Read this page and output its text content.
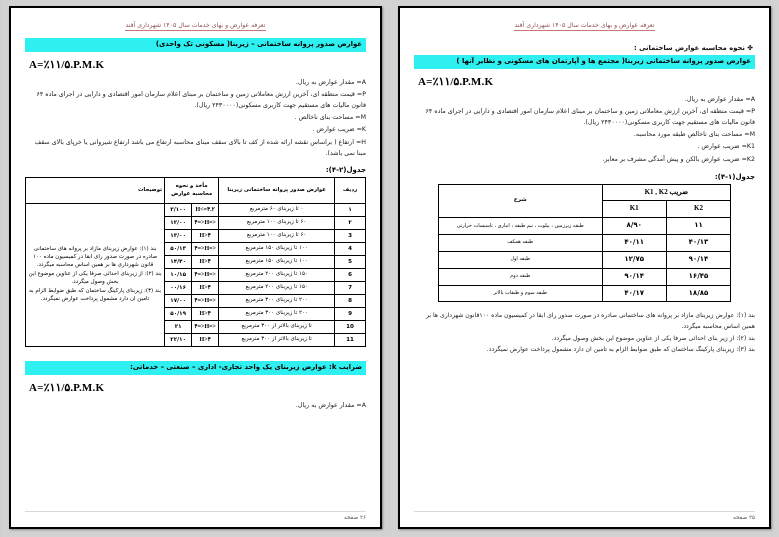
تعرفه عوارض و بهای خدمات سال ۱۴۰۵ شهرداری آقند
✤ نحوه محاسبه عوارض ساختمانی :
عوارض صدور پروانه ساختمانی زیربنا( مجتمع ها و آپارتمان های مسکونی و نظایر آنها )
A=٪١١/۵.P.M.K
A= مقدار عوارض به ریال.
P= قیمت منطقه ای، آخرین ارزش معاملاتی زمین و ساختمان بر مبنای اعلام سازمان امور اقتصادی و دارایی در اجرای ماده ۶۴ قانون مالیات های مستقیم جهت کاربری مسکونی(۲۴۳۰۰۰۰ ریال).
M= مساحت بنای ناخالص طبقه مورد محاسبه.
K1= ضریب عوارض .
K2= ضریب عوارض بالکن و پیش آمدگی مشرف بر معابر.
جدول(۱-۴):
ضریب K1 , K2		شرح
K2	K1	
١١	٨/٩٠	طبقه زیرزمین ، پیلوت ، نیم طبقه ، انباری ، تاسیسات حرارتی
١٣/۴٠	١١/۴٠	طبقه همکف
١۴/٩٠	١٢/٧۵	طبقه اول
١۶/۴۵	١۴/٩٠	طبقه دوم
١٨/٨۵	١٧/۴٠	طبقه سوم و طبقات بالاتر
بند (۱): عوارض زیربنای مازاد بر پروانه های ساختمانی صادره در صورت صدور رای ابقا در کمیسیون ماده ۱۰۰قانون شهرداری ها بر همین اساس محاسبه میگردد.
بند (۲): از زیر بنای احداثی صرفا یکی از عناوین موضوع این بخش وصول میگردد.
بند (۳): زیربنای پارکینگ ساختمان که طبق ضوابط الزام به تامین ان دارد مشمول پرداخت عوارض نمیگردد.
۲۵ صفحه
تعرفه عوارض و بهای خدمات سال ۱۴۰۵ شهرداری آقند
عوارض صدور پروانه ساختمانی – زیربنا( مسکونی تک واحدی)
A=٪١١/۵.P.M.K
A= مقدار عوارض به ریال.
P= قیمت منطقه ای، آخرین ارزش معاملاتی زمین و ساختمان بر مبنای اعلام سازمان امور اقتصادی و دارایی در اجرای ماده ۶۴ قانون مالیات های مستقیم جهت کاربری مسکونی(۲۴۳۰۰۰۰ ریال).
M= مساحت بنای ناخالص .
K= ضریب عوارض .
H= ارتفاع ( براساس نقشه ارائه شده از کف تا بالای سقف مبنای محاسبه ارتفاع می باشد ارتفاع شیروانی یا خرپای بالای سقف مبنا نمی باشد).
جدول(۲-۴):
ردیف	عوارض صدور پروانه ساختمانی زیربنا	مأخذ و نحوه محاسبه عوارض		توضیحات
١	۰ تا زیربنای ۶۰ مترمربع	H<=۴.۲	٣/١٠٠	بند (۱): عوارض زیربنای مازاد بر پروانه های ساختمانی صادره در صورت صدور رای ابقا در کمیسیون ماده ۱۰۰ قانون شهرداری ها بر همین اساس محاسبه میگردد.
بند (۲): از زیربنای احداثی صرفا یکی از عناوین موضوع این بخش وصول میگردد.
بند (۳): زیربنای پارکینگ ساختمان که طبق ضوابط الزام به تامین ان دارد مشمول پرداخت عوارض نمیگردد.

٢	۶۰ تا زیربنای ۱۰۰ مترمربع	۴=>H=>	١٢/٠٠	
3	۶۰ تا زیربنای ۱۰۰ مترمربع	H>۴	١٣/٠٠	
4	۱۰۰ تا زیربنای ۱۵۰ مترمربع	۴=>H=>	١٣/۵٠	
5	۱۰۰ تا زیربنای ۱۵۰ مترمربع	H>۴	١۴/۴٠	
6	۱۵۰ تا زیربنای ۲۰۰ مترمربع	۴=>H=>	١۵/١٠	
7	۱۵۰ تا زیربنای ۲۰۰ مترمربع	H>۴	١۶/٠٠	
8	۲۰۰ تا زیربنای ۳۰۰ مترمربع	۴=>H=>	١٧/٠٠	
9	۲۰۰ تا زیربنای ۳۰۰ مترمربع	H>۴	١٩/۵٠	
10	تا زیربنای بالاتر از ۳۰۰ مترمربع	۴=>H=>	٢١	
11	تا زیربنای بالاتر از ۳۰۰ مترمربع	H>۴	٢٢/١٠	
ضرایب k: عوارض زیربنای یک واحد تجاری- اداری – صنعتی – خدماتی:
A=٪١١/۵.P.M.K
A= مقدار عوارض به ریال.
۲۶ صفحه
